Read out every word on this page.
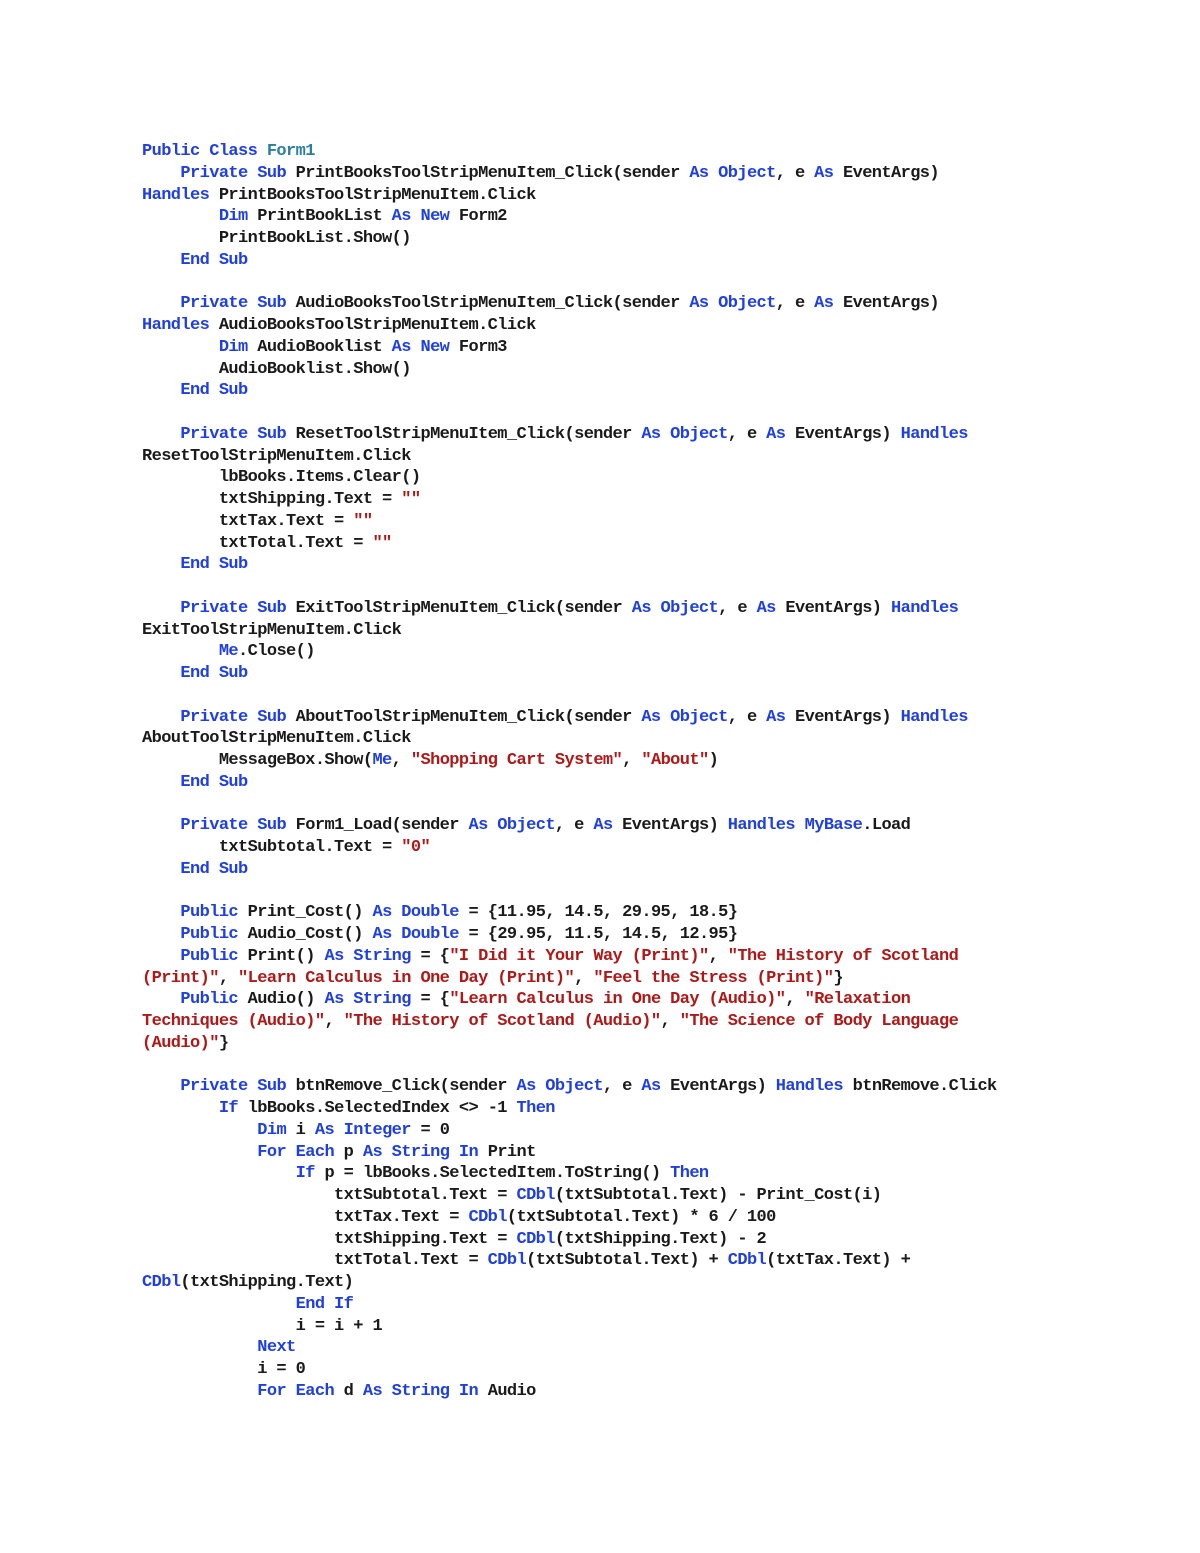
Public Class Form1
Private Sub PrintBooksToolStripMenuItem_Click(sender As Object, e As EventArgs)
Handles PrintBooksToolStripMenuItem.Click
Dim PrintBookList As New Form2
PrintBookList.Show()
End Sub
Private Sub AudioBooksToolStripMenuItem_Click(sender As Object, e As EventArgs)
Handles AudioBooksToolStripMenuItem.Click
Dim AudioBooklist As New Form3
AudioBooklist.Show()
End Sub
Private Sub ResetToolStripMenuItem_Click(sender As Object, e As EventArgs) Handles
ResetToolStripMenuItem.Click
lbBooks.Items.Clear()
txtShipping.Text = ""
txtTax.Text = ""
txtTotal.Text = ""
End Sub
Private Sub ExitToolStripMenuItem_Click(sender As Object, e As EventArgs) Handles
ExitToolStripMenuItem.Click
Me.Close()
End Sub
Private Sub AboutToolStripMenuItem_Click(sender As Object, e As EventArgs) Handles
AboutToolStripMenuItem.Click
MessageBox.Show(Me, "Shopping Cart System", "About")
End Sub
Private Sub Form1_Load(sender As Object, e As EventArgs) Handles MyBase.Load
txtSubtotal.Text = "0"
End Sub
Public Print_Cost() As Double = {11.95, 14.5, 29.95, 18.5}
Public Audio_Cost() As Double = {29.95, 11.5, 14.5, 12.95}
Public Print() As String = {"I Did it Your Way (Print)", "The History of Scotland
(Print)", "Learn Calculus in One Day (Print)", "Feel the Stress (Print)"}
Public Audio() As String = {"Learn Calculus in One Day (Audio)", "Relaxation
Techniques (Audio)", "The History of Scotland (Audio)", "The Science of Body Language
(Audio)"}
Private Sub btnRemove_Click(sender As Object, e As EventArgs) Handles btnRemove.Click
If lbBooks.SelectedIndex <> -1 Then
Dim i As Integer = 0
For Each p As String In Print
If p = lbBooks.SelectedItem.ToString() Then
txtSubtotal.Text = CDbl(txtSubtotal.Text) - Print_Cost(i)
txtTax.Text = CDbl(txtSubtotal.Text) * 6 / 100
txtShipping.Text = CDbl(txtShipping.Text) - 2
txtTotal.Text = CDbl(txtSubtotal.Text) + CDbl(txtTax.Text) +
CDbl(txtShipping.Text)
End If
i = i + 1
Next
i = 0
For Each d As String In Audio
